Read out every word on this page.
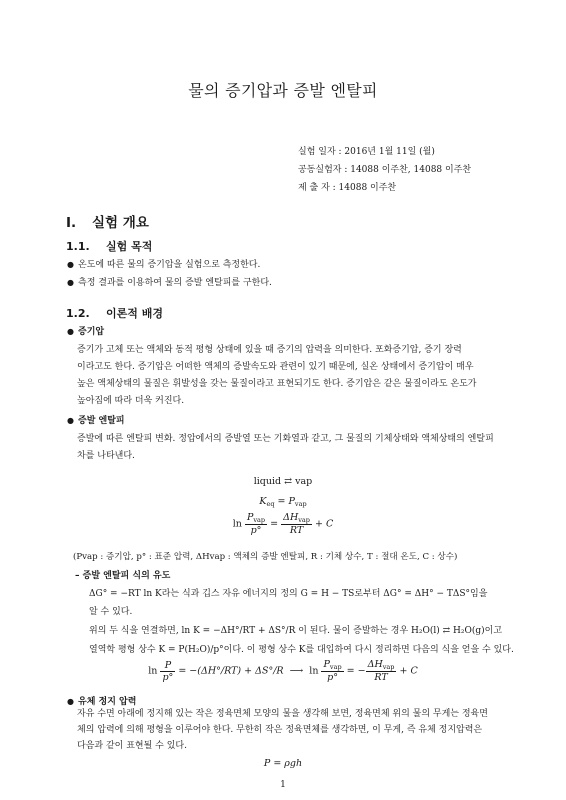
물의 증기압과 증발 엔탈피
실험 일자 : 2016년 1월 11일 (월)
공동실험자 : 14088 이주찬, 14088 이주찬
제 출 자 : 14088 이주찬
I. 실험 개요
1.1. 실험 목적
● 온도에 따른 물의 증기압을 실험으로 측정한다.
● 측정 결과를 이용하여 물의 증발 엔탈피를 구한다.
1.2. 이론적 배경
● 증기압
증기가 고체 또는 액체와 동적 평형 상태에 있을 때 증기의 압력을 의미한다. 포화증기압, 증기 장력
이라고도 한다. 증기압은 어떠한 액체의 증발속도와 관련이 있기 때문에, 실온 상태에서 증기압이 매우
높은 액체상태의 물질은 휘발성을 갖는 물질이라고 표현되기도 한다. 증기압은 같은 물질이라도 온도가
높아짐에 따라 더욱 커진다.
● 증발 엔탈피
증발에 따른 엔탈피 변화. 정압에서의 증발열 또는 기화열과 같고, 그 물질의 기체상태와 액체상태의 엔탈피
차를 나타낸다.
liquid ⇄ vap
$K_{eq} = P_{vap}$
$\ln \frac{P_{vap}}{p^\circ} = \frac{\Delta H_{vap}}{RT} + C$
(Pvap : 증기압, p° : 표준 압력, ΔHvap : 액체의 증발 엔탈피, R : 기체 상수, T : 절대 온도, C : 상수)
– 증발 엔탈피 식의 유도
ΔG° = −RT ln K라는 식과 깁스 자유 에너지의 정의 G = H − TS로부터 ΔG° = ΔH° − TΔS°임을
알 수 있다.
위의 두 식을 연결하면, ln K = −ΔH°/RT + ΔS°/R 이 된다. 물이 증발하는 경우 H₂O(l) ⇄ H₂O(g)이고
열역학 평형 상수 K = P(H₂O)/p°이다. 이 평형 상수 K를 대입하여 다시 정리하면 다음의 식을 얻을 수 있다.
$\ln \frac{P}{p^\circ} = -(\Delta H^\circ/RT) + \Delta S^\circ/R$  ⟶  $\ln \frac{P_{vap}}{p^\circ}$ = − $\frac{\Delta H_{vap}}{RT} + C$
● 유체 정지 압력
자유 수면 아래에 정지해 있는 작은 정육면체 모양의 물을 생각해 보면, 정육면체 위의 물의 무게는 정육면
체의 압력에 의해 평형을 이루어야 한다. 무한히 작은 정육면체를 생각하면, 이 무게, 즉 유체 정지압력은
다음과 같이 표현될 수 있다.
1
P = ρgh
